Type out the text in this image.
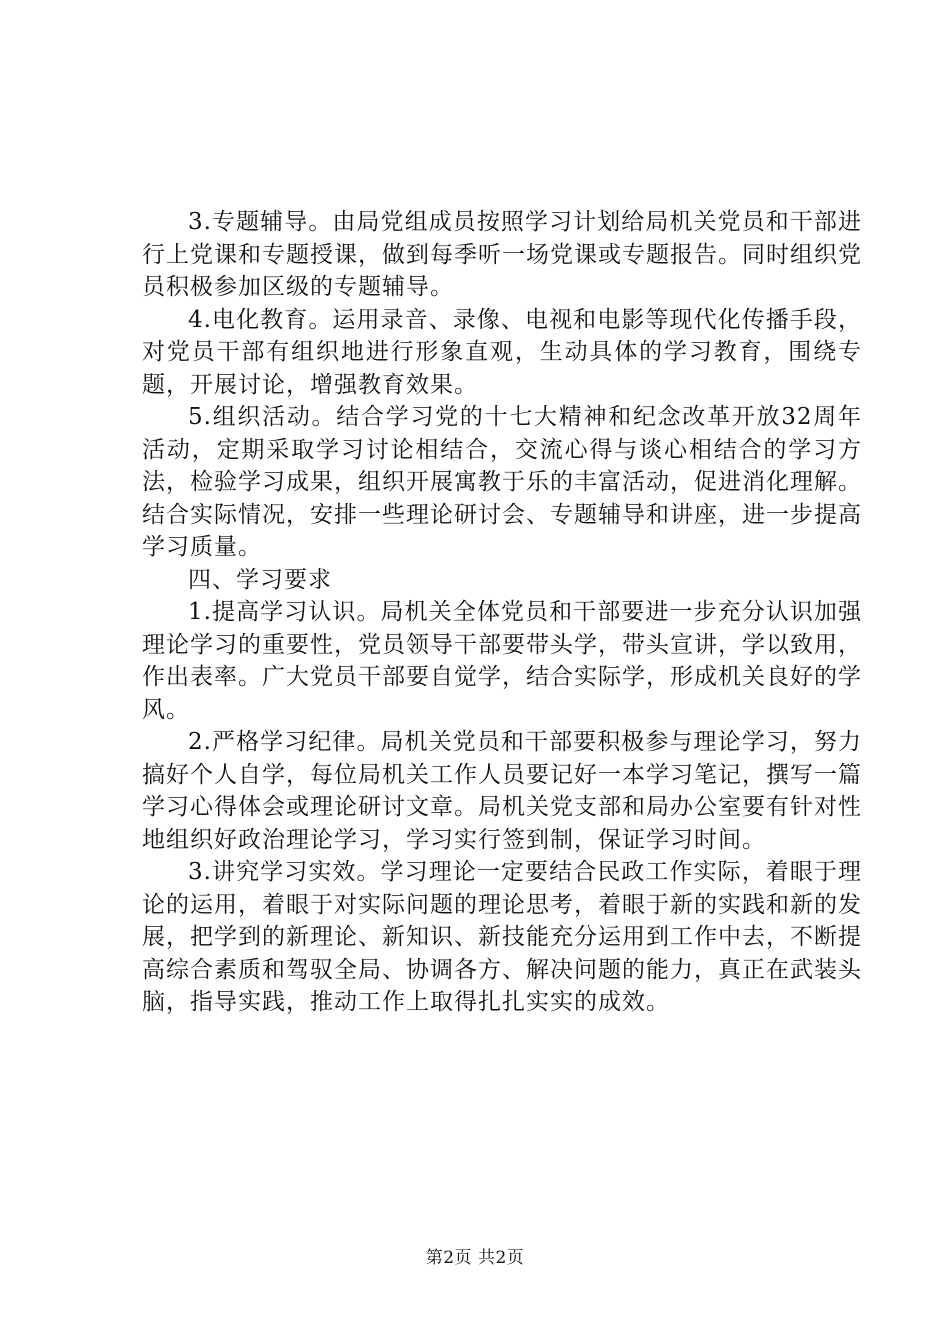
3.专题辅导。由局党组成员按照学习计划给局机关党员和干部进行上党课和专题授课，做到每季听一场党课或专题报告。同时组织党员积极参加区级的专题辅导。

4.电化教育。运用录音、录像、电视和电影等现代化传播手段，对党员干部有组织地进行形象直观，生动具体的学习教育，围绕专题，开展讨论，增强教育效果。

5.组织活动。结合学习党的十七大精神和纪念改革开放32周年活动，定期采取学习讨论相结合，交流心得与谈心相结合的学习方法，检验学习成果，组织开展寓教于乐的丰富活动，促进消化理解。结合实际情况，安排一些理论研讨会、专题辅导和讲座，进一步提高学习质量。

四、学习要求

1.提高学习认识。局机关全体党员和干部要进一步充分认识加强理论学习的重要性，党员领导干部要带头学，带头宣讲，学以致用，作出表率。广大党员干部要自觉学，结合实际学，形成机关良好的学风。

2.严格学习纪律。局机关党员和干部要积极参与理论学习，努力搞好个人自学，每位局机关工作人员要记好一本学习笔记，撰写一篇学习心得体会或理论研讨文章。局机关党支部和局办公室要有针对性地组织好政治理论学习，学习实行签到制，保证学习时间。

3.讲究学习实效。学习理论一定要结合民政工作实际，着眼于理论的运用，着眼于对实际问题的理论思考，着眼于新的实践和新的发展，把学到的新理论、新知识、新技能充分运用到工作中去，不断提高综合素质和驾驭全局、协调各方、解决问题的能力，真正在武装头脑，指导实践，推动工作上取得扎扎实实的成效。

第2页 共2页
